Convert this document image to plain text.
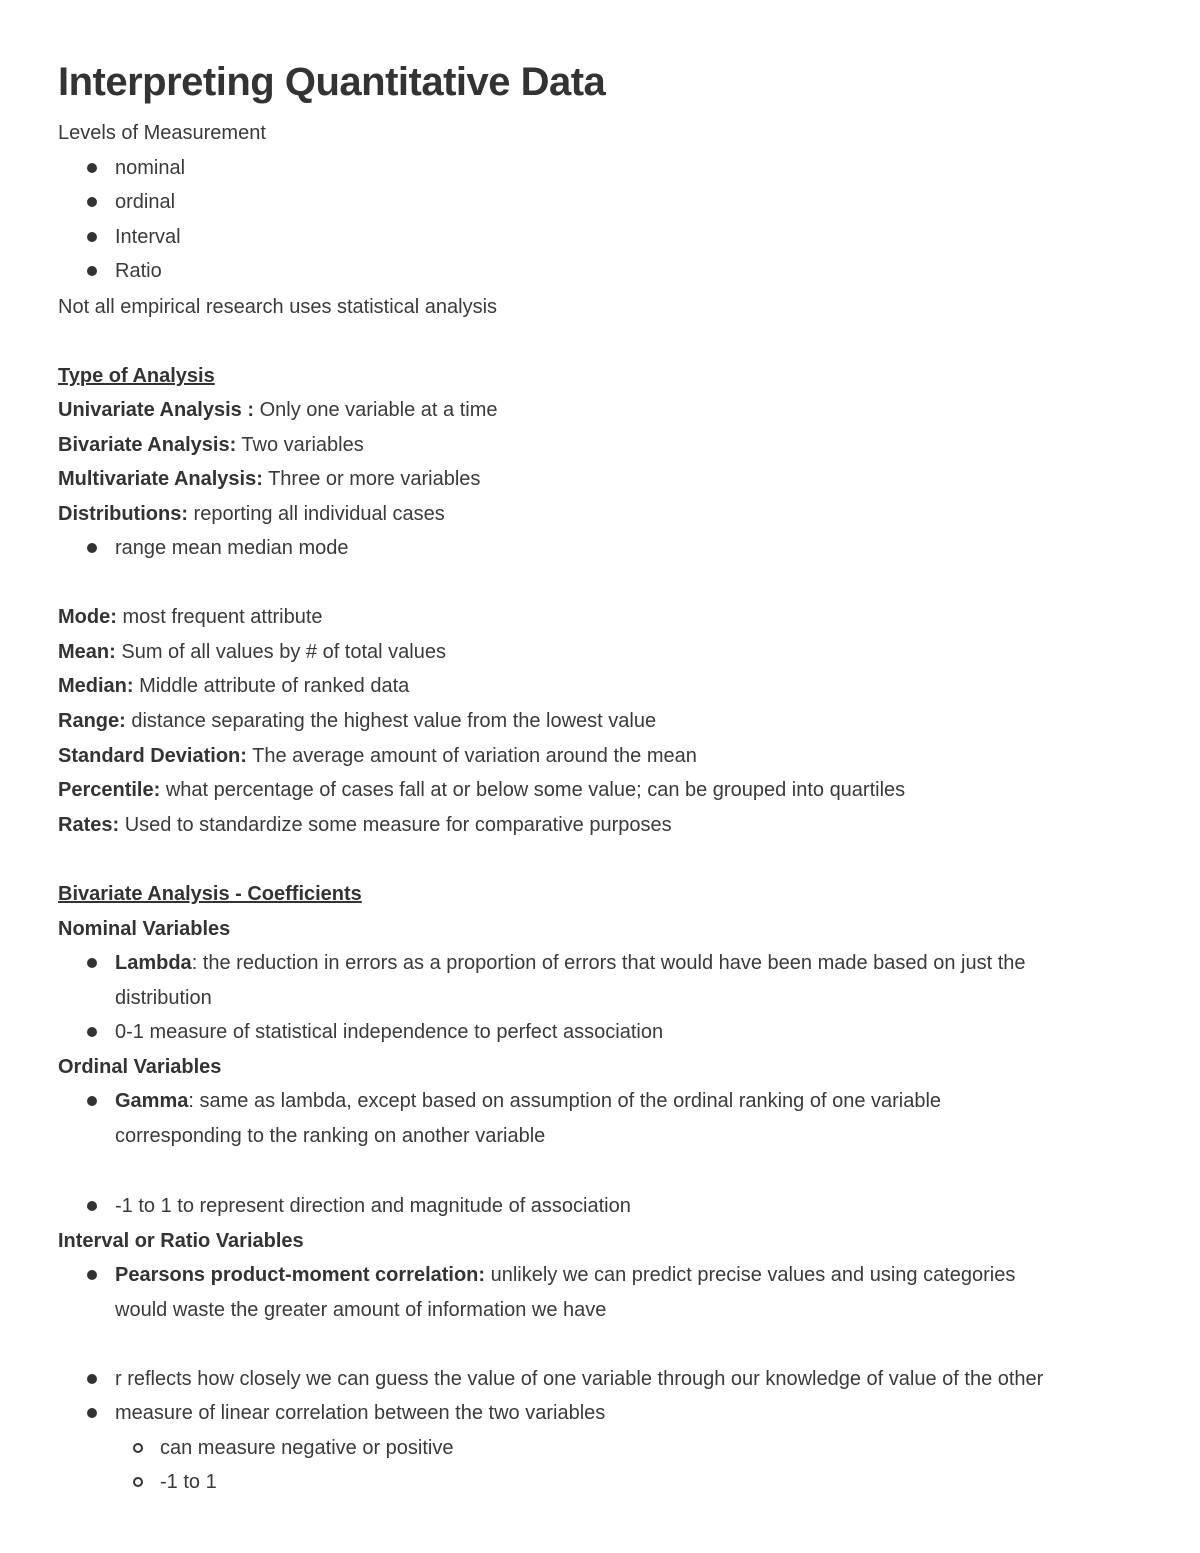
Interpreting Quantitative Data
Levels of Measurement
nominal
ordinal
Interval
Ratio
Not all empirical research uses statistical analysis
Type of Analysis
Univariate Analysis : Only one variable at a time
Bivariate Analysis: Two variables
Multivariate Analysis: Three or more variables
Distributions: reporting all individual cases
range mean median mode
Mode: most frequent attribute
Mean: Sum of all values by # of total values
Median: Middle attribute of ranked data
Range: distance separating the highest value from the lowest value
Standard Deviation: The average amount of variation around the mean
Percentile: what percentage of cases fall at or below some value; can be grouped into quartiles
Rates: Used to standardize some measure for comparative purposes
Bivariate Analysis - Coefficients
Nominal Variables
Lambda: the reduction in errors as a proportion of errors that would have been made based on just the
distribution
0-1 measure of statistical independence to perfect association
Ordinal Variables
Gamma: same as lambda, except based on assumption of the ordinal ranking of one variable
corresponding to the ranking on another variable
-1 to 1 to represent direction and magnitude of association
Interval or Ratio Variables
Pearsons product-moment correlation: unlikely we can predict precise values and using categories
would waste the greater amount of information we have
r reflects how closely we can guess the value of one variable through our knowledge of value of the other
measure of linear correlation between the two variables
can measure negative or positive
-1 to 1
